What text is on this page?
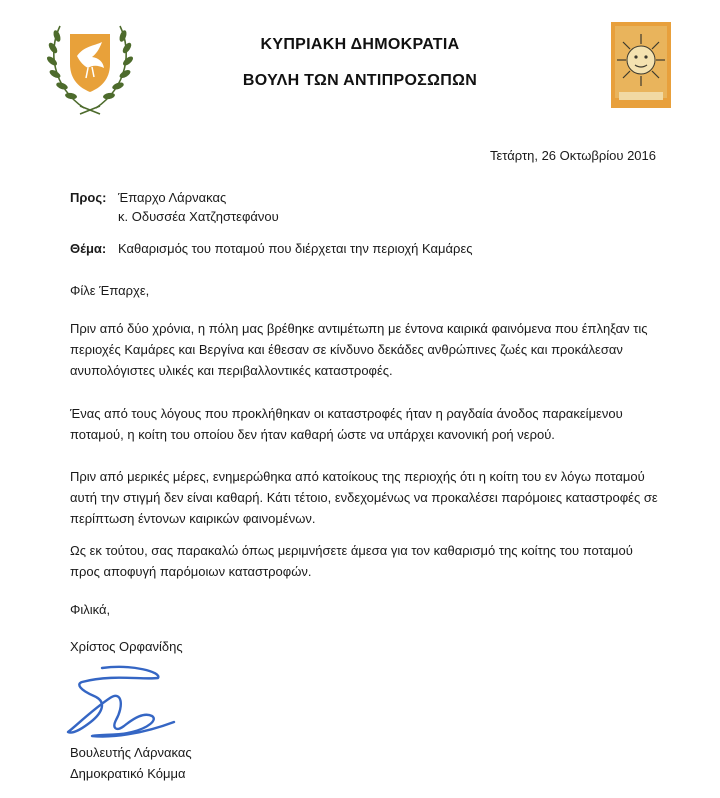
ΚΥΠΡΙΑΚΗ ΔΗΜΟΚΡΑΤΙΑ
ΒΟΥΛΗ ΤΩΝ ΑΝΤΙΠΡΟΣΩΠΩΝ
Τετάρτη, 26 Οκτωβρίου 2016
Προς: Έπαρχο Λάρνακας
κ. Οδυσσέα Χατζηστεφάνου
Θέμα: Καθαρισμός του ποταμού που διέρχεται την περιοχή Καμάρες
Φίλε Έπαρχε,
Πριν από δύο χρόνια, η πόλη μας βρέθηκε αντιμέτωπη με έντονα καιρικά φαινόμενα που έπληξαν τις περιοχές Καμάρες και Βεργίνα και έθεσαν σε κίνδυνο δεκάδες ανθρώπινες ζωές και προκάλεσαν ανυπολόγιστες υλικές και περιβαλλοντικές καταστροφές.
Ένας από τους λόγους που προκλήθηκαν οι καταστροφές ήταν η ραγδαία άνοδος παρακείμενου ποταμού, η κοίτη του οποίου δεν ήταν καθαρή ώστε να υπάρχει κανονική ροή νερού.
Πριν από μερικές μέρες, ενημερώθηκα από κατοίκους της περιοχής ότι η κοίτη του εν λόγω ποταμού αυτή την στιγμή δεν είναι καθαρή. Κάτι τέτοιο, ενδεχομένως να προκαλέσει παρόμοιες καταστροφές σε περίπτωση έντονων καιρικών φαινομένων.
Ως εκ τούτου, σας παρακαλώ όπως μεριμνήσετε άμεσα για τον καθαρισμό της κοίτης του ποταμού προς αποφυγή παρόμοιων καταστροφών.
Φιλικά,
Χρίστος Ορφανίδης
Βουλευτής Λάρνακας
Δημοκρατικό Κόμμα
